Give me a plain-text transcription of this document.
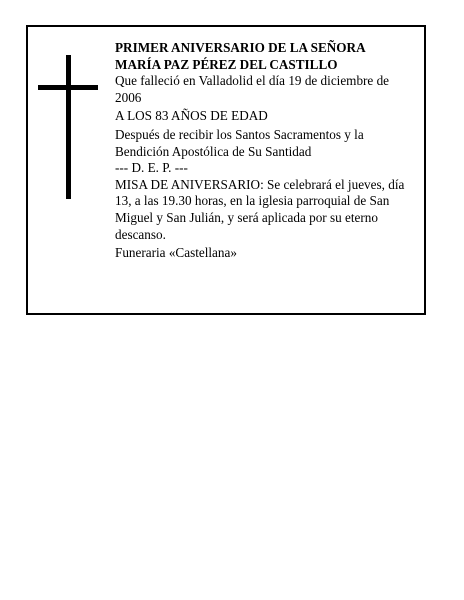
PRIMER ANIVERSARIO DE LA SEÑORA
MARÍA PAZ PÉREZ DEL CASTILLO
Que falleció en Valladolid el día 19 de diciembre de 2006
A LOS 83 AÑOS DE EDAD
Después de recibir los Santos Sacramentos y la Bendición Apostólica de Su Santidad
--- D. E. P. ---
MISA DE ANIVERSARIO: Se celebrará el jueves, día 13, a las 19.30 horas, en la iglesia parroquial de San Miguel y San Julián, y será aplicada por su eterno descanso.
Funeraria «Castellana»
